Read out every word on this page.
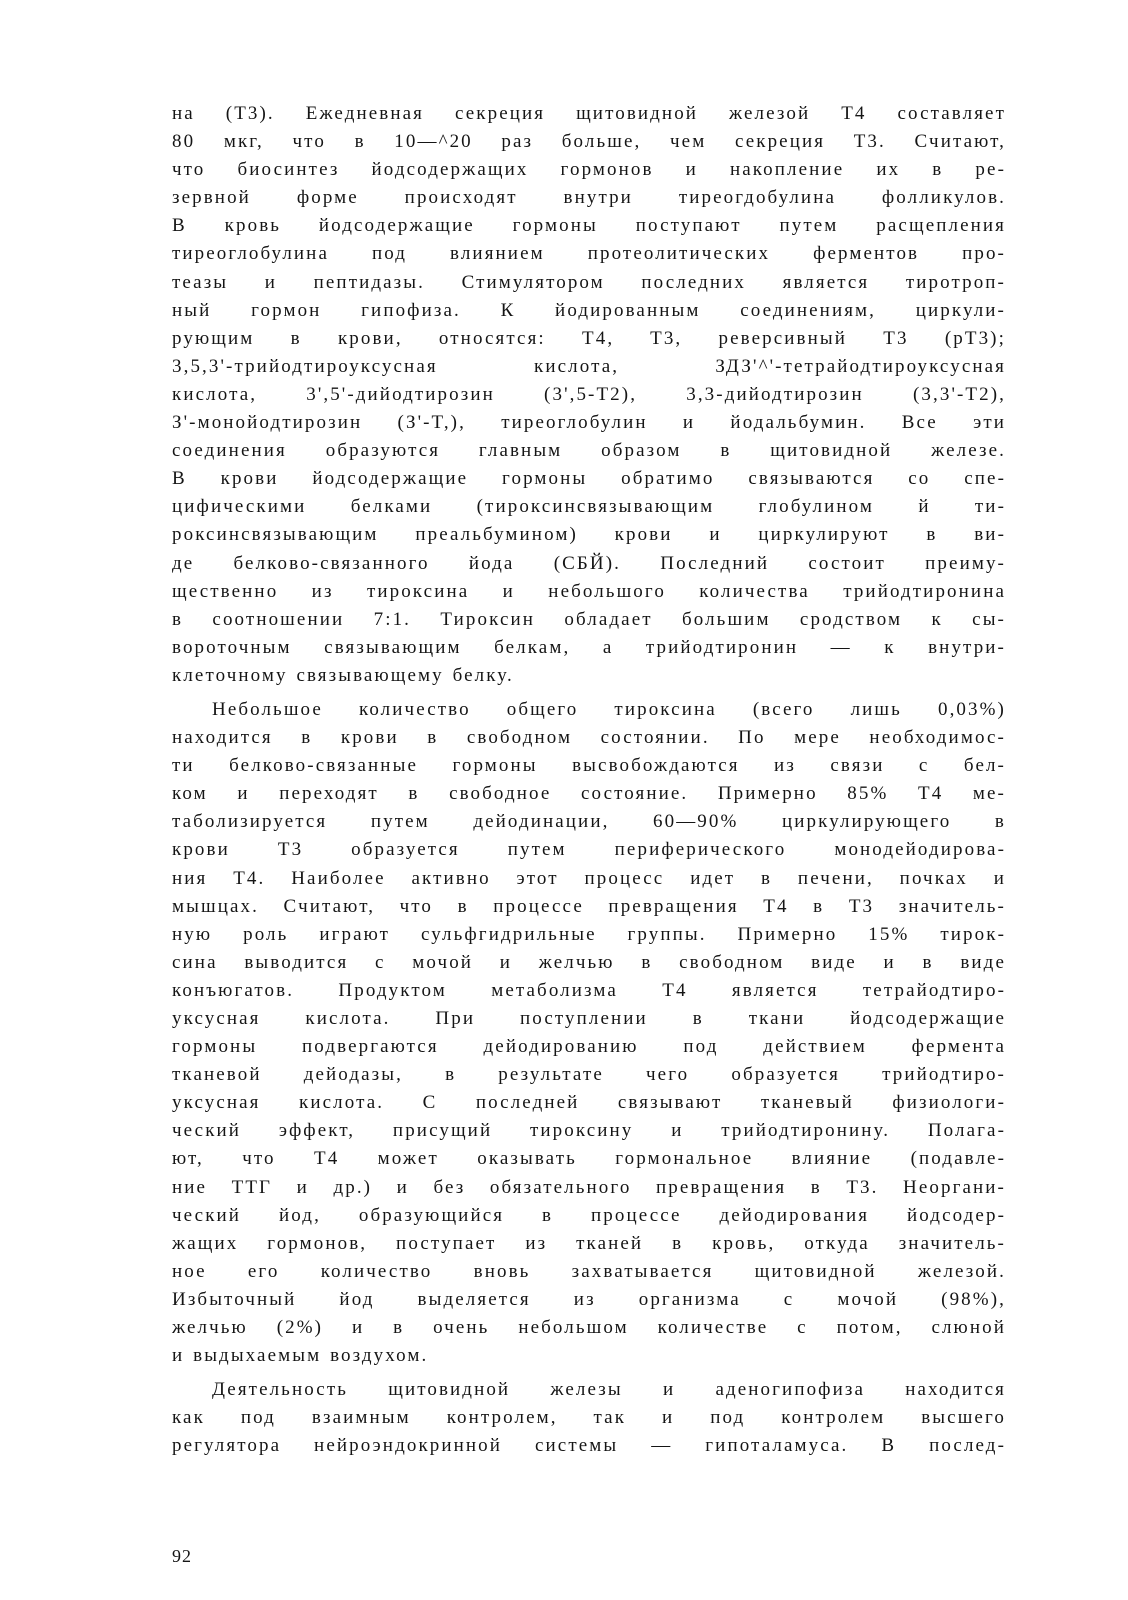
на (T3). Ежедневная секреция щитовидной железой T4 составляет
80 мкг, что в 10—^20 раз больше, чем секреция T3. Считают,
что биосинтез йодсодержащих гормонов и накопление их в ре-
зервной форме происходят внутри тиреогдобулина фолликулов.
В кровь йодсодержащие гормоны поступают путем расщепления
тиреоглобулина под влиянием протеолитических ферментов про-
теазы и пептидазы. Стимулятором последних является тиротроп-
ный гормон гипофиза. К йодированным соединениям, циркули-
рующим в крови, относятся: T4, T3, реверсивный T3 (рT3);
3,5,3'-трийодтироуксусная кислота, ЗДЗ'^'-тетрайодтироуксусная
кислота, 3',5'-дийодтирозин (3',5-T2), 3,3-дийодтирозин (3,3'-T2),
З'-монойодтирозин (З'-T,), тиреоглобулин и йодальбумин. Все эти
соединения образуются главным образом в щитовидной железе.
В крови йодсодержащие гормоны обратимо связываются со спе-
цифическими белками (тироксинсвязывающим глобулином й ти-
роксинсвязывающим преальбумином) крови и циркулируют в ви-
де белково-связанного йода (СБЙ). Последний состоит преиму-
щественно из тироксина и небольшого количества трийодтиронина
в соотношении 7:1. Тироксин обладает большим сродством к сы-
вороточным связывающим белкам, а трийодтиронин — к внутри-
клеточному связывающему белку.
Небольшое количество общего тироксина (всего лишь 0,03%)
находится в крови в свободном состоянии. По мере необходимос-
ти белково-связанные гормоны высвобождаются из связи с бел-
ком и переходят в свободное состояние. Примерно 85% T4 ме-
таболизируется путем дейодинации, 60—90% циркулирующего в
крови T3 образуется путем периферического монодейодирова-
ния T4. Наиболее активно этот процесс идет в печени, почках и
мышцах. Считают, что в процессе превращения T4 в T3 значитель-
ную роль играют сульфгидрильные группы. Примерно 15% тирок-
сина выводится с мочой и желчью в свободном виде и в виде
конъюгатов. Продуктом метаболизма T4 является тетрайодтиро-
уксусная кислота. При поступлении в ткани йодсодержащие
гормоны подвергаются дейодированию под действием фермента
тканевой дейодазы, в результате чего образуется трийодтиро-
уксусная кислота. С последней связывают тканевый физиологи-
ческий эффект, присущий тироксину и трийодтиронину. Полага-
ют, что T4 может оказывать гормональное влияние (подавле-
ние ТТГ и др.) и без обязательного превращения в T3. Неоргани-
ческий йод, образующийся в процессе дейодирования йодсодер-
жащих гормонов, поступает из тканей в кровь, откуда значитель-
ное его количество вновь захватывается щитовидной железой.
Избыточный йод выделяется из организма с мочой (98%),
желчью (2%) и в очень небольшом количестве с потом, слюной
и выдыхаемым воздухом.
Деятельность щитовидной железы и аденогипофиза находится
как под взаимным контролем, так и под контролем высшего
регулятора нейроэндокринной системы — гипоталамуса. В послед-
92
